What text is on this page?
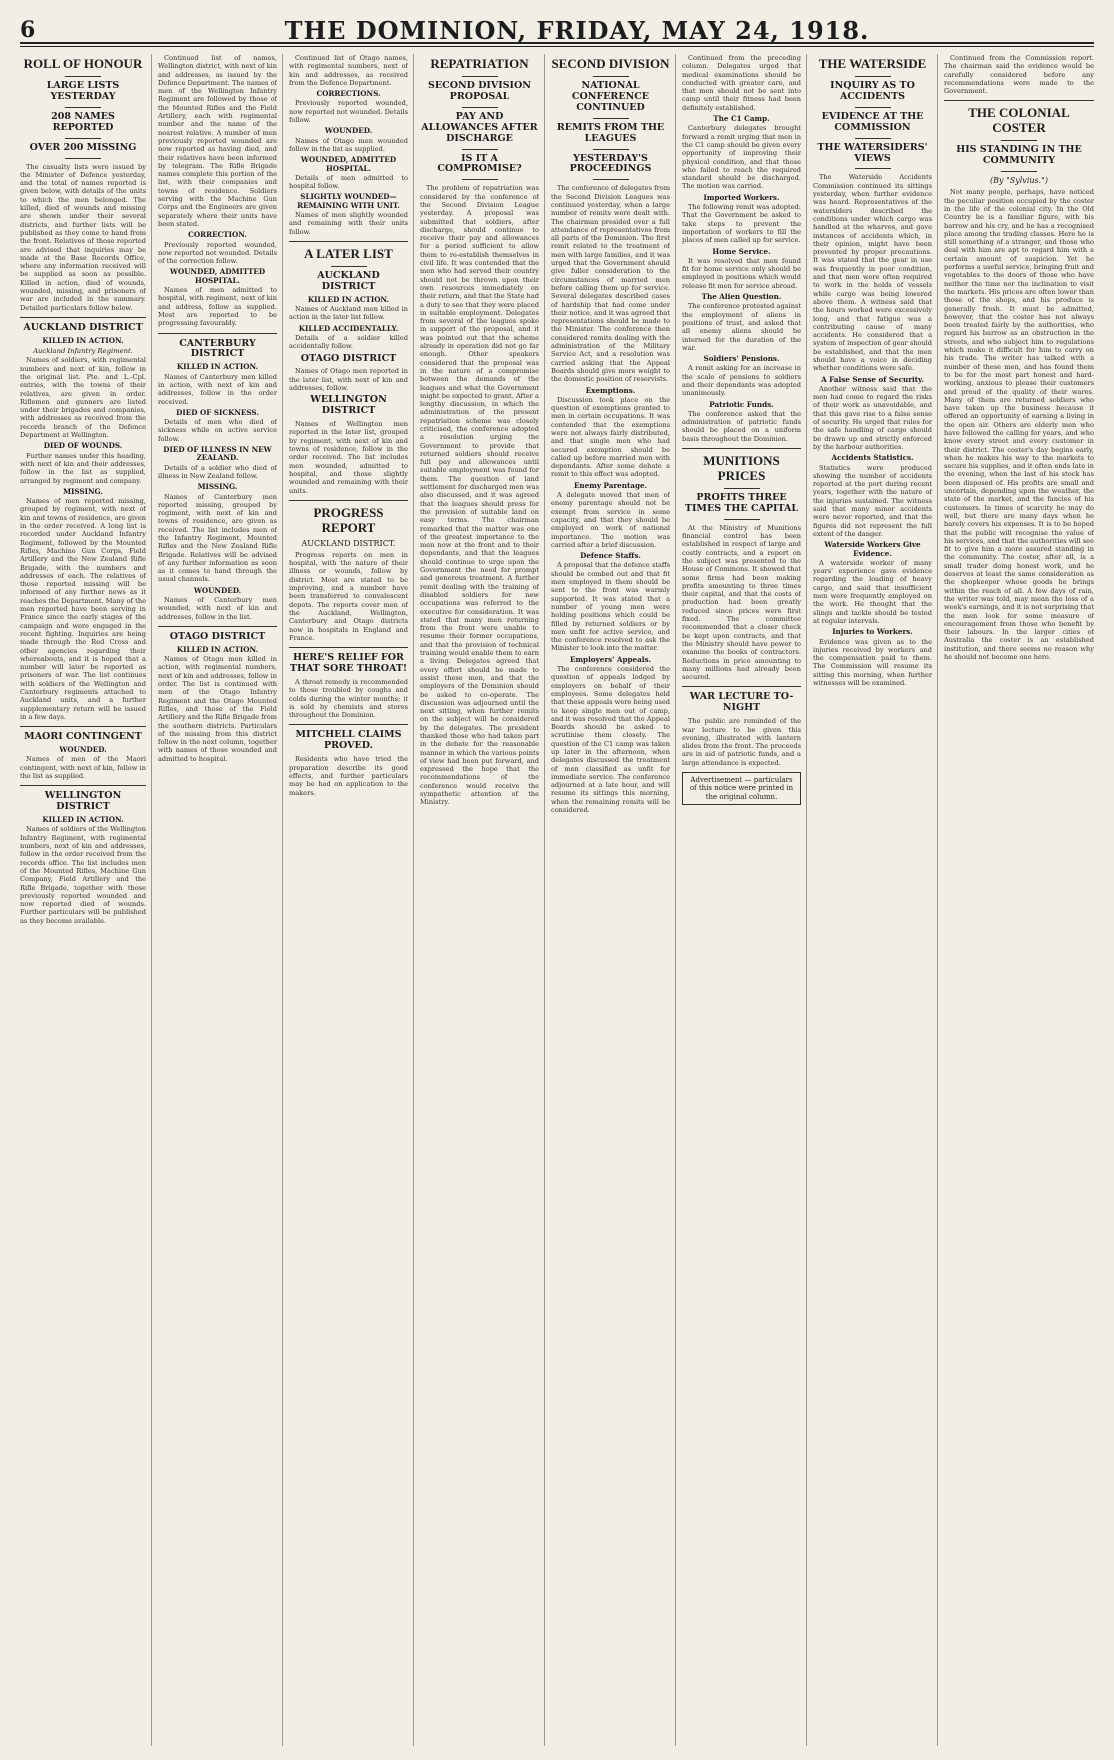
6	THE DOMINION, FRIDAY, MAY 24, 1918.
ROLL OF HONOUR
LARGE LISTS YESTERDAY
208 NAMES REPORTED
OVER 200 MISSING
The casualty lists were issued by the Minister of Defence yesterday, and the total of names reported is given below, with details of the units to which the men belonged. The killed, died of wounds and missing are shown under their several districts, and further lists will be published as they come to hand from the front. Relatives of those reported are advised that inquiries may be made at the Base Records Office, where any information received will be supplied as soon as possible. Killed in action, died of wounds, wounded, missing, and prisoners of war are included in the summary. Detailed particulars follow below.
AUCKLAND DISTRICT
KILLED IN ACTION.
Auckland Infantry Regiment.
Names of soldiers, with regimental numbers and next of kin, follow in the original list. Pte. and L.-Cpl. entries, with the towns of their relatives, are given in order. Riflemen and gunners are listed under their brigades and companies, with addresses as received from the records branch of the Defence Department at Wellington.
DIED OF WOUNDS.
Further names under this heading, with next of kin and their addresses, follow in the list as supplied, arranged by regiment and company.
MISSING.
Names of men reported missing, grouped by regiment, with next of kin and towns of residence, are given in the order received. A long list is recorded under Auckland Infantry Regiment, followed by the Mounted Rifles, Machine Gun Corps, Field Artillery and the New Zealand Rifle Brigade, with the numbers and addresses of each. The relatives of those reported missing will be informed of any further news as it reaches the Department. Many of the men reported have been serving in France since the early stages of the campaign and were engaged in the recent fighting. Inquiries are being made through the Red Cross and other agencies regarding their whereabouts, and it is hoped that a number will later be reported as prisoners of war. The list continues with soldiers of the Wellington and Canterbury regiments attached to Auckland units, and a further supplementary return will be issued in a few days.
MAORI CONTINGENT
WOUNDED.
Names of men of the Maori contingent, with next of kin, follow in the list as supplied.
WELLINGTON DISTRICT
KILLED IN ACTION.
Names of soldiers of the Wellington Infantry Regiment, with regimental numbers, next of kin and addresses, follow in the order received from the records office. The list includes men of the Mounted Rifles, Machine Gun Company, Field Artillery and the Rifle Brigade, together with those previously reported wounded and now reported died of wounds. Further particulars will be published as they become available.
Continued list of names, Wellington district, with next of kin and addresses, as issued by the Defence Department. The names of men of the Wellington Infantry Regiment are followed by those of the Mounted Rifles and the Field Artillery, each with regimental number and the name of the nearest relative. A number of men previously reported wounded are now reported as having died, and their relatives have been informed by telegram. The Rifle Brigade names complete this portion of the list, with their companies and towns of residence. Soldiers serving with the Machine Gun Corps and the Engineers are given separately where their units have been stated.
CORRECTION.
Previously reported wounded, now reported not wounded. Details of the correction follow.
WOUNDED, ADMITTED HOSPITAL.
Names of men admitted to hospital, with regiment, next of kin and address, follow as supplied. Most are reported to be progressing favourably.
CANTERBURY DISTRICT
KILLED IN ACTION.
Names of Canterbury men killed in action, with next of kin and addresses, follow in the order received.
DIED OF SICKNESS.
Details of men who died of sickness while on active service follow.
DIED OF ILLNESS IN NEW ZEALAND.
Details of a soldier who died of illness in New Zealand follow.
MISSING.
Names of Canterbury men reported missing, grouped by regiment, with next of kin and towns of residence, are given as received. The list includes men of the Infantry Regiment, Mounted Rifles and the New Zealand Rifle Brigade. Relatives will be advised of any further information as soon as it comes to hand through the usual channels.
WOUNDED.
Names of Canterbury men wounded, with next of kin and addresses, follow in the list.
OTAGO DISTRICT
KILLED IN ACTION.
Names of Otago men killed in action, with regimental numbers, next of kin and addresses, follow in order. The list is continued with men of the Otago Infantry Regiment and the Otago Mounted Rifles, and those of the Field Artillery and the Rifle Brigade from the southern districts. Particulars of the missing from this district follow in the next column, together with names of those wounded and admitted to hospital.
Continued list of Otago names, with regimental numbers, next of kin and addresses, as received from the Defence Department.
CORRECTIONS.
Previously reported wounded, now reported not wounded. Details follow.
WOUNDED.
Names of Otago men wounded follow in the list as supplied.
WOUNDED, ADMITTED HOSPITAL.
Details of men admitted to hospital follow.
SLIGHTLY WOUNDED—REMAINING WITH UNIT.
Names of men slightly wounded and remaining with their units follow.
A LATER LIST
AUCKLAND DISTRICT
KILLED IN ACTION.
Names of Auckland men killed in action in the later list follow.
KILLED ACCIDENTALLY.
Details of a soldier killed accidentally follow.
OTAGO DISTRICT
Names of Otago men reported in the later list, with next of kin and addresses, follow.
WELLINGTON DISTRICT
Names of Wellington men reported in the later list, grouped by regiment, with next of kin and towns of residence, follow in the order received. The list includes men wounded, admitted to hospital, and those slightly wounded and remaining with their units.
PROGRESS REPORT
AUCKLAND DISTRICT.
Progress reports on men in hospital, with the nature of their illness or wounds, follow by district. Most are stated to be improving, and a number have been transferred to convalescent depots. The reports cover men of the Auckland, Wellington, Canterbury and Otago districts now in hospitals in England and France.
HERE'S RELIEF FOR THAT SORE THROAT!
A throat remedy is recommended to those troubled by coughs and colds during the winter months; it is sold by chemists and stores throughout the Dominion.
MITCHELL CLAIMS PROVED.
Residents who have tried the preparation describe its good effects, and further particulars may be had on application to the makers.
REPATRIATION
SECOND DIVISION PROPOSAL
PAY AND ALLOWANCES AFTER DISCHARGE
IS IT A COMPROMISE?
The problem of repatriation was considered by the conference of the Second Division League yesterday. A proposal was submitted that soldiers, after discharge, should continue to receive their pay and allowances for a period sufficient to allow them to re-establish themselves in civil life. It was contended that the men who had served their country should not be thrown upon their own resources immediately on their return, and that the State had a duty to see that they were placed in suitable employment. Delegates from several of the leagues spoke in support of the proposal, and it was pointed out that the scheme already in operation did not go far enough. Other speakers considered that the proposal was in the nature of a compromise between the demands of the leagues and what the Government might be expected to grant. After a lengthy discussion, in which the administration of the present repatriation scheme was closely criticised, the conference adopted a resolution urging the Government to provide that returned soldiers should receive full pay and allowances until suitable employment was found for them. The question of land settlement for discharged men was also discussed, and it was agreed that the leagues should press for the provision of suitable land on easy terms. The chairman remarked that the matter was one of the greatest importance to the men now at the front and to their dependants, and that the leagues should continue to urge upon the Government the need for prompt and generous treatment. A further remit dealing with the training of disabled soldiers for new occupations was referred to the executive for consideration. It was stated that many men returning from the front were unable to resume their former occupations, and that the provision of technical training would enable them to earn a living. Delegates agreed that every effort should be made to assist these men, and that the employers of the Dominion should be asked to co-operate. The discussion was adjourned until the next sitting, when further remits on the subject will be considered by the delegates. The president thanked those who had taken part in the debate for the reasonable manner in which the various points of view had been put forward, and expressed the hope that the recommendations of the conference would receive the sympathetic attention of the Ministry.
SECOND DIVISION
NATIONAL CONFERENCE CONTINUED
REMITS FROM THE LEAGUES
YESTERDAY'S PROCEEDINGS
The conference of delegates from the Second Division Leagues was continued yesterday, when a large number of remits were dealt with. The chairman presided over a full attendance of representatives from all parts of the Dominion. The first remit related to the treatment of men with large families, and it was urged that the Government should give fuller consideration to the circumstances of married men before calling them up for service. Several delegates described cases of hardship that had come under their notice, and it was agreed that representations should be made to the Minister. The conference then considered remits dealing with the administration of the Military Service Act, and a resolution was carried asking that the Appeal Boards should give more weight to the domestic position of reservists.
Exemptions.
Discussion took place on the question of exemptions granted to men in certain occupations. It was contended that the exemptions were not always fairly distributed, and that single men who had secured exemption should be called up before married men with dependants. After some debate a remit to this effect was adopted.
Enemy Parentage.
A delegate moved that men of enemy parentage should not be exempt from service in some capacity, and that they should be employed on work of national importance. The motion was carried after a brief discussion.
Defence Staffs.
A proposal that the defence staffs should be combed out and that fit men employed in them should be sent to the front was warmly supported. It was stated that a number of young men were holding positions which could be filled by returned soldiers or by men unfit for active service, and the conference resolved to ask the Minister to look into the matter.
Employers' Appeals.
The conference considered the question of appeals lodged by employers on behalf of their employees. Some delegates held that these appeals were being used to keep single men out of camp, and it was resolved that the Appeal Boards should be asked to scrutinise them closely. The question of the C1 camp was taken up later in the afternoon, when delegates discussed the treatment of men classified as unfit for immediate service. The conference adjourned at a late hour, and will resume its sittings this morning, when the remaining remits will be considered.
Continued from the preceding column. Delegates urged that medical examinations should be conducted with greater care, and that men should not be sent into camp until their fitness had been definitely established.
The C1 Camp.
Canterbury delegates brought forward a remit urging that men in the C1 camp should be given every opportunity of improving their physical condition, and that those who failed to reach the required standard should be discharged. The motion was carried.
Imported Workers.
The following remit was adopted: That the Government be asked to take steps to prevent the importation of workers to fill the places of men called up for service.
Home Service.
It was resolved that men found fit for home service only should be employed in positions which would release fit men for service abroad.
The Alien Question.
The conference protested against the employment of aliens in positions of trust, and asked that all enemy aliens should be interned for the duration of the war.
Soldiers' Pensions.
A remit asking for an increase in the scale of pensions to soldiers and their dependants was adopted unanimously.
Patriotic Funds.
The conference asked that the administration of patriotic funds should be placed on a uniform basis throughout the Dominion.
MUNITIONS PRICES
PROFITS THREE TIMES THE CAPITAL
At the Ministry of Munitions financial control has been established in respect of large and costly contracts, and a report on the subject was presented to the House of Commons. It showed that some firms had been making profits amounting to three times their capital, and that the costs of production had been greatly reduced since prices were first fixed. The committee recommended that a closer check be kept upon contracts, and that the Ministry should have power to examine the books of contractors. Reductions in price amounting to many millions had already been secured.
WAR LECTURE TO-NIGHT
The public are reminded of the war lecture to be given this evening, illustrated with lantern slides from the front. The proceeds are in aid of patriotic funds, and a large attendance is expected.
Advertisement — particulars of this notice were printed in the original column.
THE WATERSIDE
INQUIRY AS TO ACCIDENTS
EVIDENCE AT THE COMMISSION
THE WATERSIDERS' VIEWS
The Waterside Accidents Commission continued its sittings yesterday, when further evidence was heard. Representatives of the watersiders described the conditions under which cargo was handled at the wharves, and gave instances of accidents which, in their opinion, might have been prevented by proper precautions. It was stated that the gear in use was frequently in poor condition, and that men were often required to work in the holds of vessels while cargo was being lowered above them. A witness said that the hours worked were excessively long, and that fatigue was a contributing cause of many accidents. He considered that a system of inspection of gear should be established, and that the men should have a voice in deciding whether conditions were safe.
A False Sense of Security.
Another witness said that the men had come to regard the risks of their work as unavoidable, and that this gave rise to a false sense of security. He urged that rules for the safe handling of cargo should be drawn up and strictly enforced by the harbour authorities.
Accidents Statistics.
Statistics were produced showing the number of accidents reported at the port during recent years, together with the nature of the injuries sustained. The witness said that many minor accidents were never reported, and that the figures did not represent the full extent of the danger.
Waterside Workers Give Evidence.
A waterside worker of many years' experience gave evidence regarding the loading of heavy cargo, and said that insufficient men were frequently employed on the work. He thought that the slings and tackle should be tested at regular intervals.
Injuries to Workers.
Evidence was given as to the injuries received by workers and the compensation paid to them. The Commission will resume its sitting this morning, when further witnesses will be examined.
Continued from the Commission report. The chairman said the evidence would be carefully considered before any recommendations were made to the Government.
THE COLONIAL COSTER
HIS STANDING IN THE COMMUNITY
(By "Sylvius.")
Not many people, perhaps, have noticed the peculiar position occupied by the coster in the life of the colonial city. In the Old Country he is a familiar figure, with his barrow and his cry, and he has a recognised place among the trading classes. Here he is still something of a stranger, and those who deal with him are apt to regard him with a certain amount of suspicion. Yet he performs a useful service, bringing fruit and vegetables to the doors of those who have neither the time nor the inclination to visit the markets. His prices are often lower than those of the shops, and his produce is generally fresh. It must be admitted, however, that the coster has not always been treated fairly by the authorities, who regard his barrow as an obstruction in the streets, and who subject him to regulations which make it difficult for him to carry on his trade. The writer has talked with a number of these men, and has found them to be for the most part honest and hard-working, anxious to please their customers and proud of the quality of their wares. Many of them are returned soldiers who have taken up the business because it offered an opportunity of earning a living in the open air. Others are elderly men who have followed the calling for years, and who know every street and every customer in their district. The coster's day begins early, when he makes his way to the markets to secure his supplies, and it often ends late in the evening, when the last of his stock has been disposed of. His profits are small and uncertain, depending upon the weather, the state of the market, and the fancies of his customers. In times of scarcity he may do well, but there are many days when he barely covers his expenses. It is to be hoped that the public will recognise the value of his services, and that the authorities will see fit to give him a more assured standing in the community. The coster, after all, is a small trader doing honest work, and he deserves at least the same consideration as the shopkeeper whose goods he brings within the reach of all. A few days of rain, the writer was told, may mean the loss of a week's earnings, and it is not surprising that the men look for some measure of encouragement from those who benefit by their labours. In the larger cities of Australia the coster is an established institution, and there seems no reason why he should not become one here.
